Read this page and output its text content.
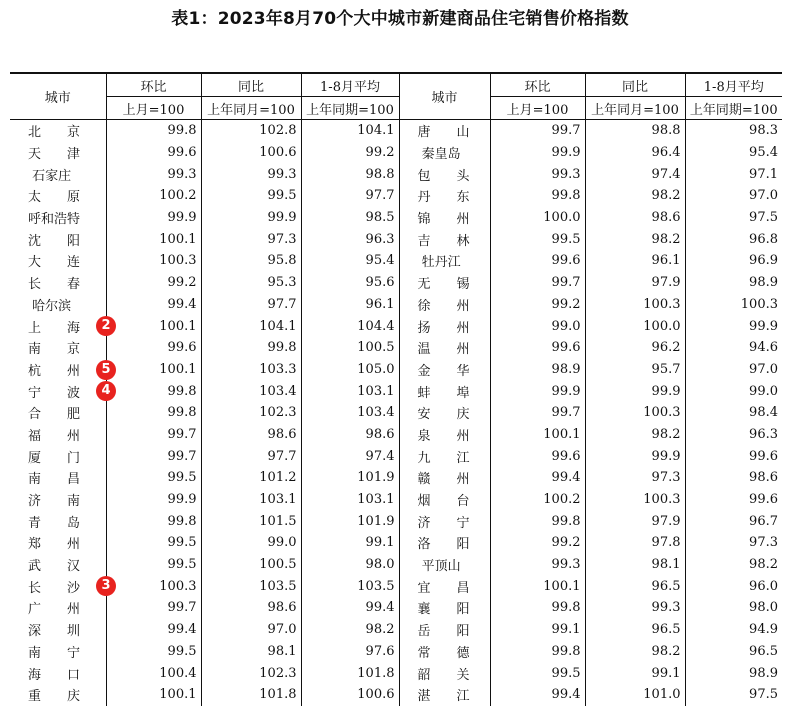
表1：2023年8月70个大中城市新建商品住宅销售价格指数
城市	环比	同比	1-8月平均	城市	环比	同比	1-8月平均
	上月=100	上年同月=100	上年同期=100		上月=100	上年同月=100	上年同期=100
北　　京	99.8	102.8	104.1	唐　　山	99.7	98.8	98.3
天　　津	99.6	100.6	99.2	秦皇岛	99.9	96.4	95.4
石家庄	99.3	99.3	98.8	包　　头	99.3	97.4	97.1
太　　原	100.2	99.5	97.7	丹　　东	99.8	98.2	97.0
呼和浩特	99.9	99.9	98.5	锦　　州	100.0	98.6	97.5
沈　　阳	100.1	97.3	96.3	吉　　林	99.5	98.2	96.8
大　　连	100.3	95.8	95.4	牡丹江	99.6	96.1	96.9
长　　春	99.2	95.3	95.6	无　　锡	99.7	97.9	98.9
哈尔滨	99.4	97.7	96.1	徐　　州	99.2	100.3	100.3
上　　海 2	100.1	104.1	104.4	扬　　州	99.0	100.0	99.9
南　　京	99.6	99.8	100.5	温　　州	99.6	96.2	94.6
杭　　州 5	100.1	103.3	105.0	金　　华	98.9	95.7	97.0
宁　　波 4	99.8	103.4	103.1	蚌　　埠	99.9	99.9	99.0
合　　肥	99.8	102.3	103.4	安　　庆	99.7	100.3	98.4
福　　州	99.7	98.6	98.6	泉　　州	100.1	98.2	96.3
厦　　门	99.7	97.7	97.4	九　　江	99.6	99.9	99.6
南　　昌	99.5	101.2	101.9	赣　　州	99.4	97.3	98.6
济　　南	99.9	103.1	103.1	烟　　台	100.2	100.3	99.6
青　　岛	99.8	101.5	101.9	济　　宁	99.8	97.9	96.7
郑　　州	99.5	99.0	99.1	洛　　阳	99.2	97.8	97.3
武　　汉	99.5	100.5	98.0	平顶山	99.3	98.1	98.2
长　　沙 3	100.3	103.5	103.5	宜　　昌	100.1	96.5	96.0
广　　州	99.7	98.6	99.4	襄　　阳	99.8	99.3	98.0
深　　圳	99.4	97.0	98.2	岳　　阳	99.1	96.5	94.9
南　　宁	99.5	98.1	97.6	常　　德	99.8	98.2	96.5
海　　口	100.4	102.3	101.8	韶　　关	99.5	99.1	98.9
重　　庆	100.1	101.8	100.6	湛　　江	99.4	101.0	97.5
